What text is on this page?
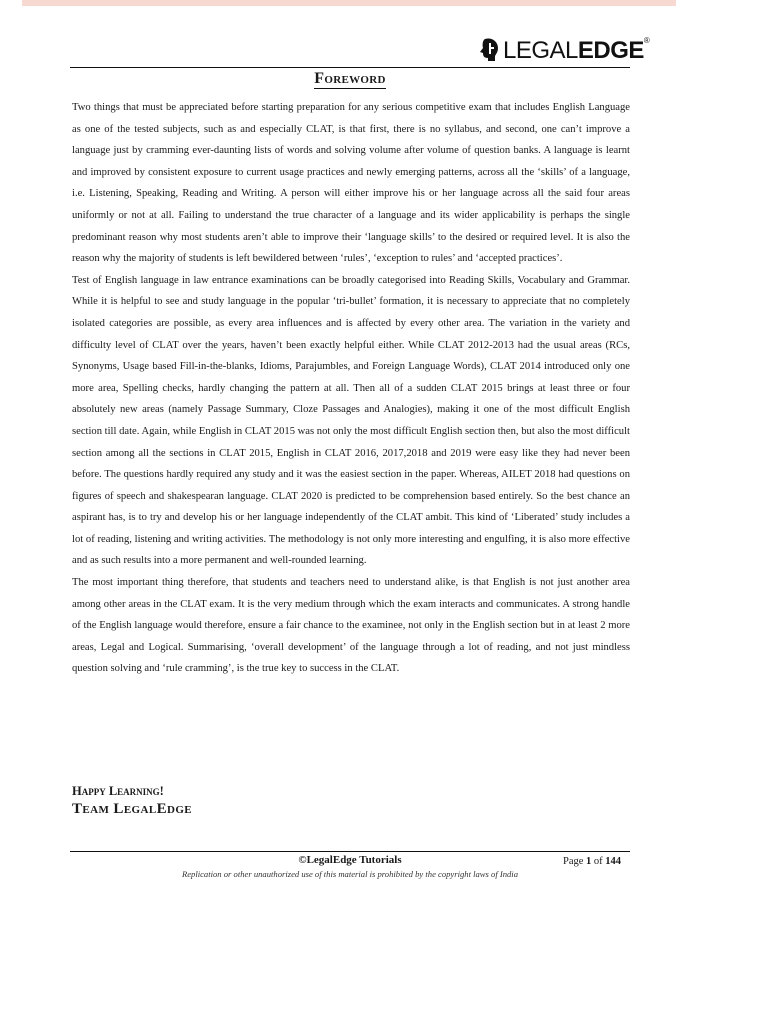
LEGALEDGE®
Foreword

Two things that must be appreciated before starting preparation for any serious competitive exam that includes English Language as one of the tested subjects, such as and especially CLAT, is that first, there is no syllabus, and second, one can’t improve a language just by cramming ever-daunting lists of words and solving volume after volume of question banks. A language is learnt and improved by consistent exposure to current usage practices and newly emerging patterns, across all the ‘skills’ of a language, i.e. Listening, Speaking, Reading and Writing. A person will either improve his or her language across all the said four areas uniformly or not at all. Failing to understand the true character of a language and its wider applicability is perhaps the single predominant reason why most students aren’t able to improve their ‘language skills’ to the desired or required level. It is also the reason why the majority of students is left bewildered between ‘rules’, ‘exception to rules’ and ‘accepted practices’.

Test of English language in law entrance examinations can be broadly categorised into Reading Skills, Vocabulary and Grammar. While it is helpful to see and study language in the popular ‘tri-bullet’ formation, it is necessary to appreciate that no completely isolated categories are possible, as every area influences and is affected by every other area. The variation in the variety and difficulty level of CLAT over the years, haven’t been exactly helpful either. While CLAT 2012-2013 had the usual areas (RCs, Synonyms, Usage based Fill-in-the-blanks, Idioms, Parajumbles, and Foreign Language Words), CLAT 2014 introduced only one more area, Spelling checks, hardly changing the pattern at all. Then all of a sudden CLAT 2015 brings at least three or four absolutely new areas (namely Passage Summary, Cloze Passages and Analogies), making it one of the most difficult English section till date. Again, while English in CLAT 2015 was not only the most difficult English section then, but also the most difficult section among all the sections in CLAT 2015, English in CLAT 2016, 2017,2018 and 2019 were easy like they had never been before. The questions hardly required any study and it was the easiest section in the paper. Whereas, AILET 2018 had questions on figures of speech and shakespearan language. CLAT 2020 is predicted to be comprehension based entirely. So the best chance an aspirant has, is to try and develop his or her language independently of the CLAT ambit. This kind of ‘Liberated’ study includes a lot of reading, listening and writing activities. The methodology is not only more interesting and engulfing, it is also more effective and as such results into a more permanent and well-rounded learning.

The most important thing therefore, that students and teachers need to understand alike, is that English is not just another area among other areas in the CLAT exam. It is the very medium through which the exam interacts and communicates. A strong handle of the English language would therefore, ensure a fair chance to the examinee, not only in the English section but in at least 2 more areas, Legal and Logical. Summarising, ‘overall development’ of the language through a lot of reading, and not just mindless question solving and ‘rule cramming’, is the true key to success in the CLAT.

Happy Learning!
Team LegalEdge
©LegalEdge Tutorials	Page 1 of 144
Replication or other unauthorized use of this material is prohibited by the copyright laws of India
